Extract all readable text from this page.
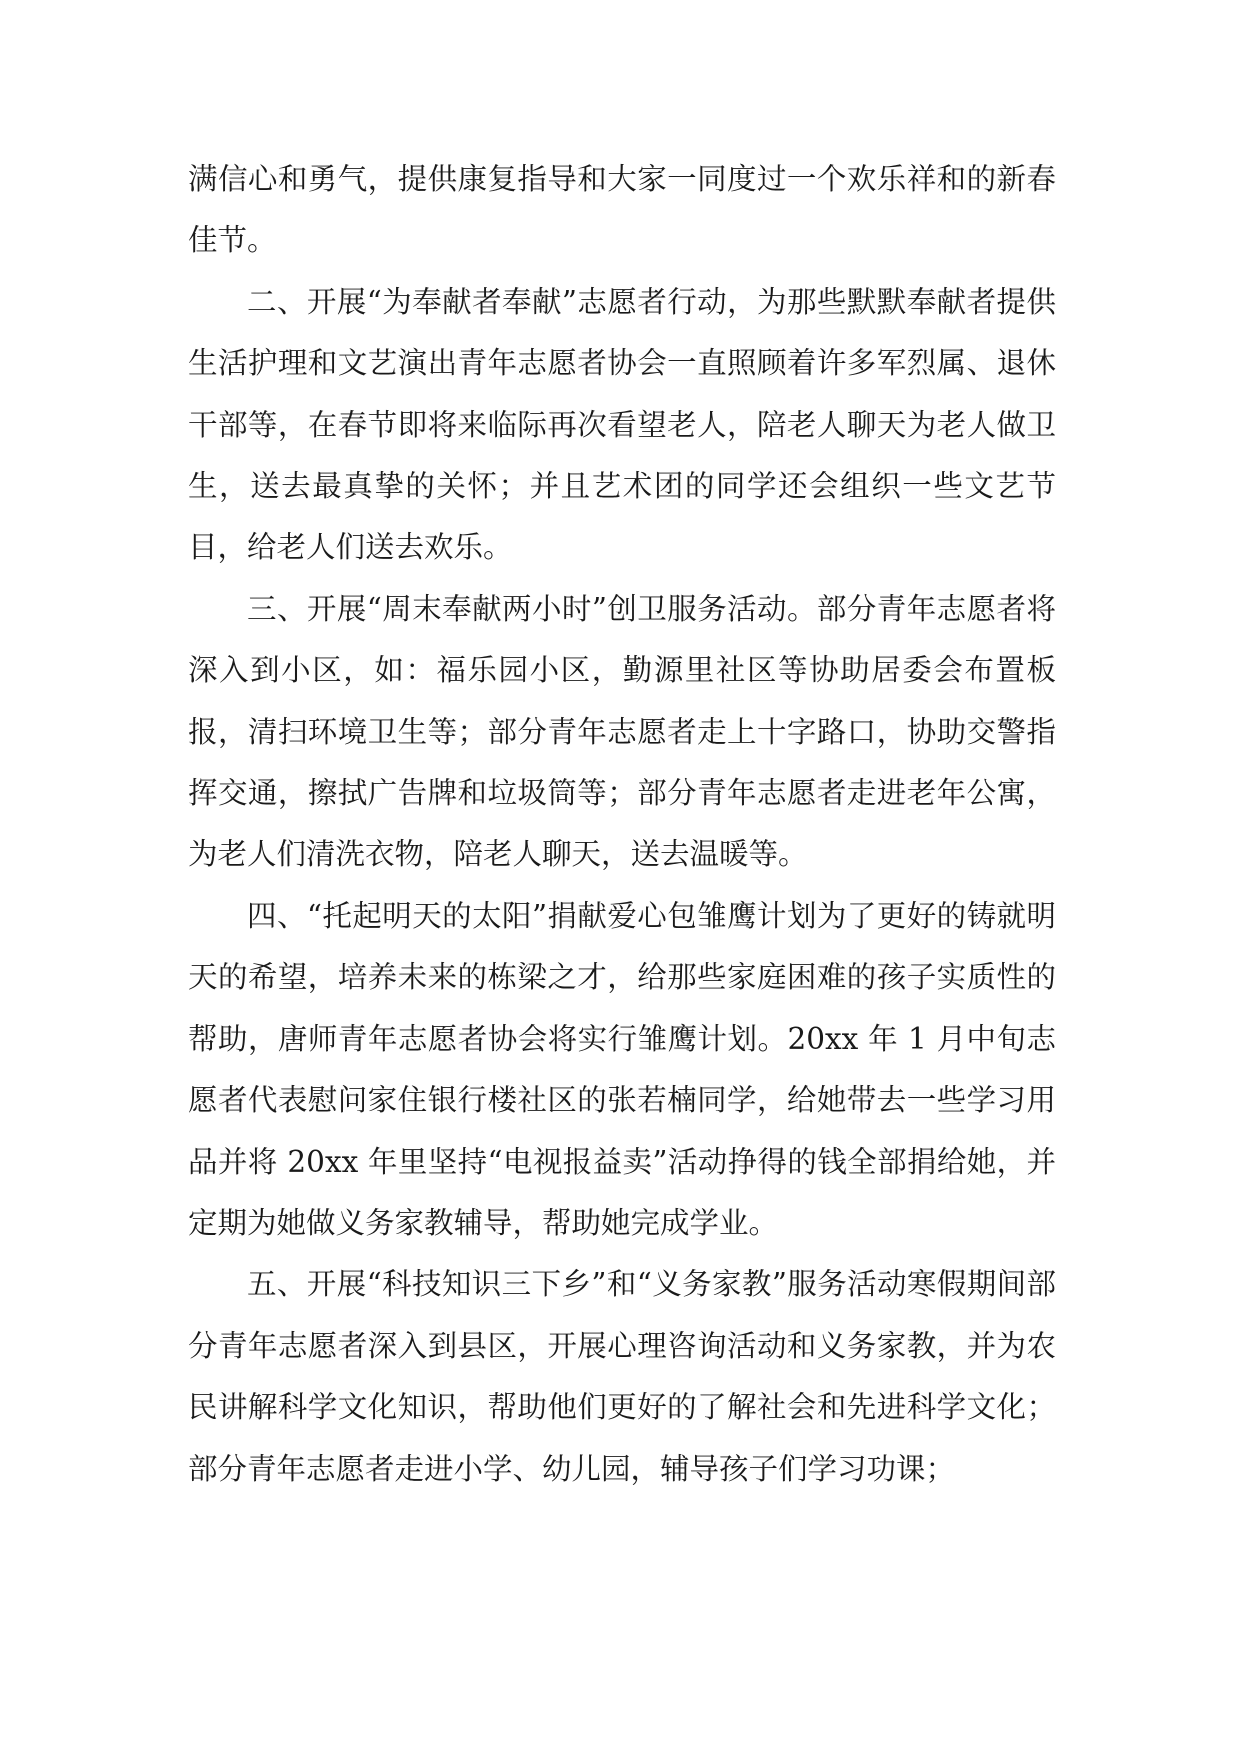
满信心和勇气，提供康复指导和大家一同度过一个欢乐祥和的新春佳节。

二、开展“为奉献者奉献”志愿者行动，为那些默默奉献者提供生活护理和文艺演出青年志愿者协会一直照顾着许多军烈属、退休干部等，在春节即将来临际再次看望老人，陪老人聊天为老人做卫生，送去最真挚的关怀；并且艺术团的同学还会组织一些文艺节目，给老人们送去欢乐。

三、开展“周末奉献两小时”创卫服务活动。部分青年志愿者将深入到小区，如：福乐园小区，勤源里社区等协助居委会布置板报，清扫环境卫生等；部分青年志愿者走上十字路口，协助交警指挥交通，擦拭广告牌和垃圾筒等；部分青年志愿者走进老年公寓，为老人们清洗衣物，陪老人聊天，送去温暖等。

四、“托起明天的太阳”捐献爱心包雏鹰计划为了更好的铸就明天的希望，培养未来的栋梁之才，给那些家庭困难的孩子实质性的帮助，唐师青年志愿者协会将实行雏鹰计划。20xx 年 1 月中旬志愿者代表慰问家住银行楼社区的张若楠同学，给她带去一些学习用品并将 20xx 年里坚持“电视报益卖”活动挣得的钱全部捐给她，并定期为她做义务家教辅导，帮助她完成学业。

五、开展“科技知识三下乡”和“义务家教”服务活动寒假期间部分青年志愿者深入到县区，开展心理咨询活动和义务家教，并为农民讲解科学文化知识，帮助他们更好的了解社会和先进科学文化；部分青年志愿者走进小学、幼儿园，辅导孩子们学习功课；
